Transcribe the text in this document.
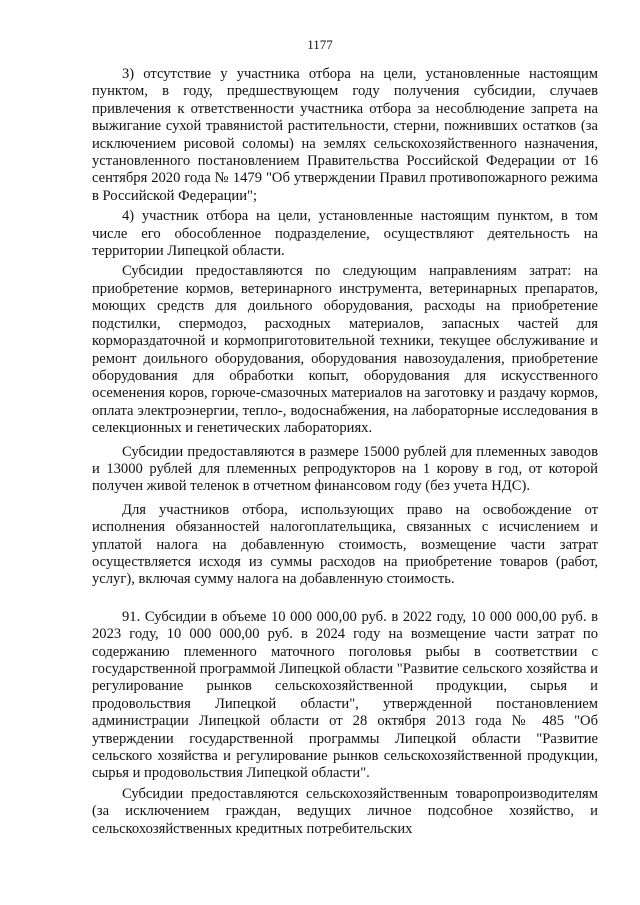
1177

3) отсутствие у участника отбора на цели, установленные настоящим пунктом, в году, предшествующем году получения субсидии, случаев привлечения к ответственности участника отбора за несоблюдение запрета на выжигание сухой травянистой растительности, стерни, пожнивших остатков (за исключением рисовой соломы) на землях сельскохозяйственного назначения, установленного постановлением Правительства Российской Федерации от 16 сентября 2020 года № 1479 "Об утверждении Правил противопожарного режима в Российской Федерации";

4) участник отбора на цели, установленные настоящим пунктом, в том числе его обособленное подразделение, осуществляют деятельность на территории Липецкой области.

Субсидии предоставляются по следующим направлениям затрат: на приобретение кормов, ветеринарного инструмента, ветеринарных препаратов, моющих средств для доильного оборудования, расходы на приобретение подстилки, спермодоз, расходных материалов, запасных частей для кормораздаточной и кормоприготовительной техники, текущее обслуживание и ремонт доильного оборудования, оборудования навозоудаления, приобретение оборудования для обработки копыт, оборудования для искусственного осеменения коров, горюче-смазочных материалов на заготовку и раздачу кормов, оплата электроэнергии, тепло-, водоснабжения, на лабораторные исследования в селекционных и генетических лабораториях.

Субсидии предоставляются в размере 15000 рублей для племенных заводов и 13000 рублей для племенных репродукторов на 1 корову в год, от которой получен живой теленок в отчетном финансовом году (без учета НДС).

Для участников отбора, использующих право на освобождение от исполнения обязанностей налогоплательщика, связанных с исчислением и уплатой налога на добавленную стоимость, возмещение части затрат осуществляется исходя из суммы расходов на приобретение товаров (работ, услуг), включая сумму налога на добавленную стоимость.

91. Субсидии в объеме 10 000 000,00 руб. в 2022 году, 10 000 000,00 руб. в 2023 году, 10 000 000,00 руб. в 2024 году на возмещение части затрат по содержанию племенного маточного поголовья рыбы в соответствии с государственной программой Липецкой области "Развитие сельского хозяйства и регулирование рынков сельскохозяйственной продукции, сырья и продовольствия Липецкой области", утвержденной постановлением администрации Липецкой области от 28 октября 2013 года № 485 "Об утверждении государственной программы Липецкой области "Развитие сельского хозяйства и регулирование рынков сельскохозяйственной продукции, сырья и продовольствия Липецкой области".

Субсидии предоставляются сельскохозяйственным товаропроизводителям (за исключением граждан, ведущих личное подсобное хозяйство, и сельскохозяйственных кредитных потребительских
